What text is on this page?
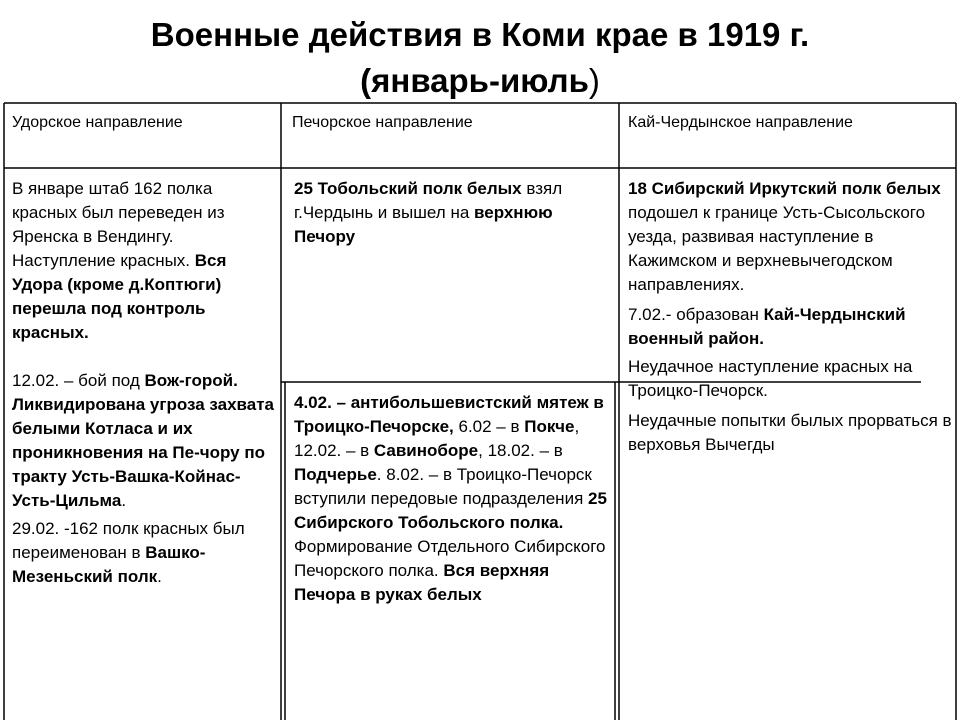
Военные действия в Коми крае в 1919 г.
(январь-июль)
Удорское направление	Печорское направление	Кай-Чердынское направление

В январе штаб 162 полка красных был переведен из Яренска в Вендингу. Наступление красных. Вся Удора (кроме д.Коптюги) перешла под контроль красных.

12.02. – бой под Вож-горой. Ликвидирована угроза захвата белыми Котласа и их проникновения на Пе-чору по тракту Усть-Вашка-Койнас- Усть-Цильма.

29.02. -162 полк красных был переименован в Вашко-Мезеньский полк.

25 Тобольский полк белых взял г.Чердынь и вышел на верхнюю Печору

4.02. – антибольшевистский мятеж в Троицко-Печорске, 6.02 – в Покче, 12.02. – в Савиноборе, 18.02. – в Подчерье. 8.02. – в Троицко-Печорск вступили передовые подразделения 25 Сибирского Тобольского полка. Формирование Отдельного Сибирского Печорского полка. Вся верхняя Печора в руках белых

18 Сибирский Иркутский полк белых подошел к границе Усть-Сысольского уезда, развивая наступление в Кажимском и верхневычегодском направлениях.

7.02.- образован Кай-Чердынский военный район.

Неудачное наступление красных на Троицко-Печорск.

Неудачные попытки былых прорваться в верховья Вычегды
